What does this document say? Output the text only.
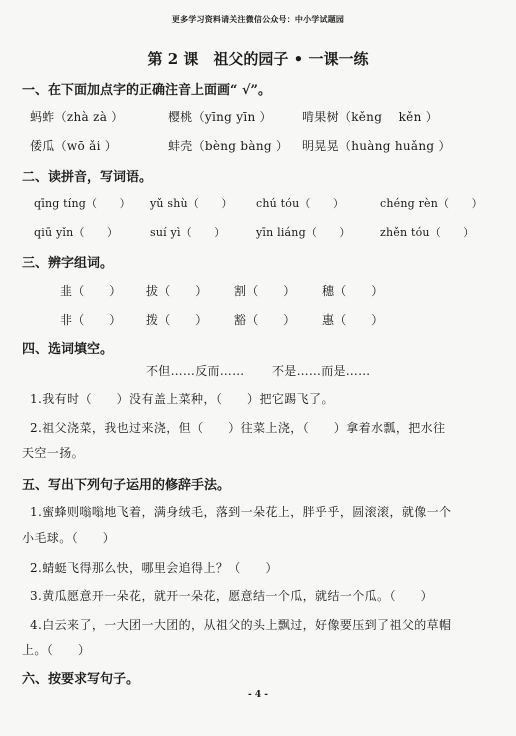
更多学习资料请关注微信公众号：中小学试题园
第 2 课　祖父的园子 • 一课一练
一、在下面加点字的正确注音上面画“ √”。
蚂蚱（zhà zà ）	樱桃（yīng yīn ）	啃果树（kěng　 kěn ）
倭瓜（wō ǎi ）	蚌壳（bèng bàng ） 明晃晃（huàng huǎng ）
二、读拼音，写词语。
qīng tíng（　　） yǔ shù（　　） chú tóu（　　）	chéng rèn（　　）
qiū yǐn（　　）	suí yì（　　）	yīn liáng（　　）	zhěn tóu（　　）
三、辨字组词。
韭（　　） 拔（　　） 割（　　） 穗（　　）
非（　　） 拨（　　） 豁（　　） 惠（　　）
四、选词填空。
不但……反而…… 不是……而是……
1.我有时（　　）没有盖上菜种，（　　）把它踢飞了。
2.祖父浇菜，我也过来浇，但（　　）往菜上浇，（　　）拿着水瓢，把水往
天空一扬。
五、写出下列句子运用的修辞手法。
1.蜜蜂则嗡嗡地飞着，满身绒毛，落到一朵花上，胖乎乎，圆滚滚，就像一个
小毛球。（　　）
2.蜻蜓飞得那么快，哪里会追得上？（　　）
3.黄瓜愿意开一朵花，就开一朵花，愿意结一个瓜，就结一个瓜。（　　）
4.白云来了，一大团一大团的，从祖父的头上飘过，好像要压到了祖父的草帽
上。（　　）
六、按要求写句子。
- 4 -
